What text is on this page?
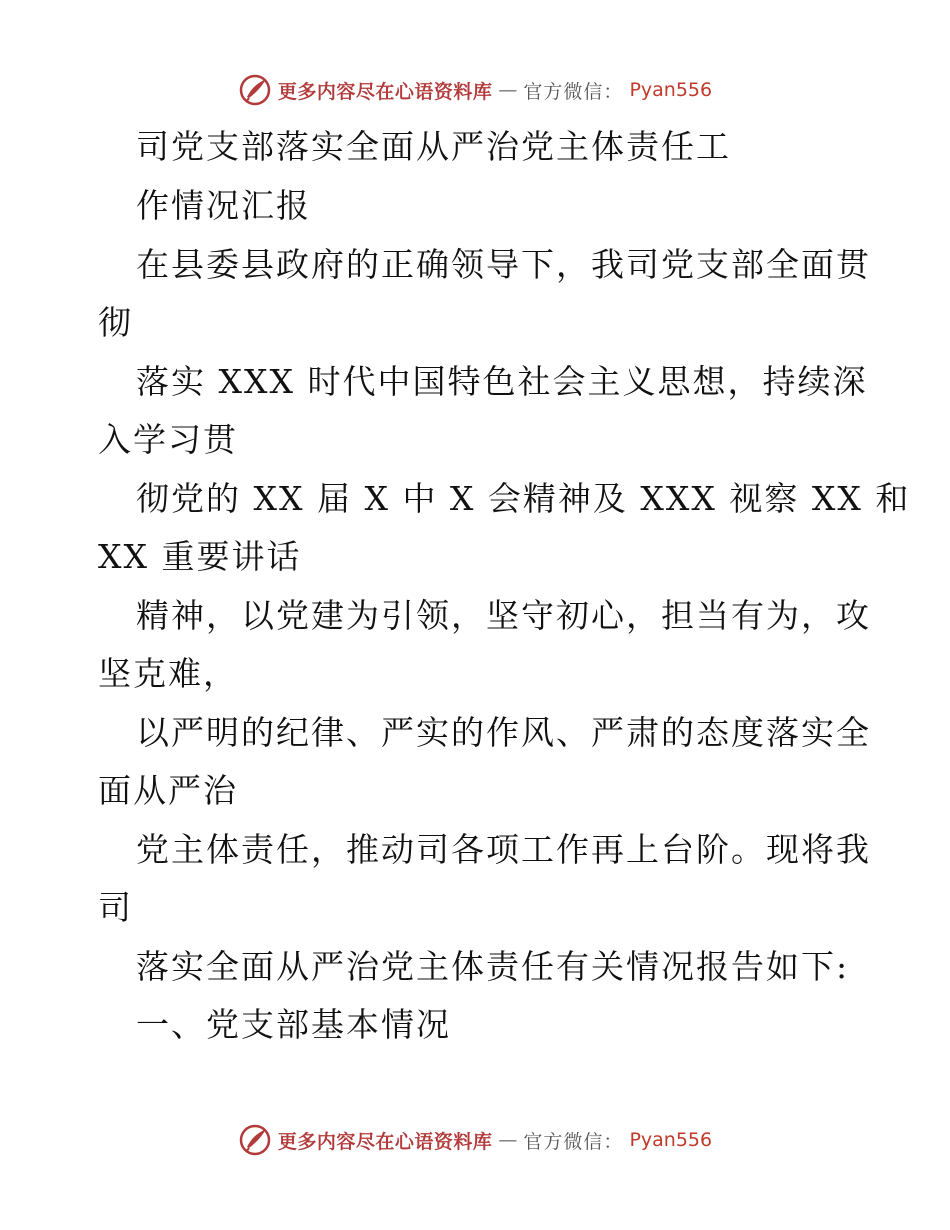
更多内容尽在心语资料库 — 官方微信： Pyan556
司党支部落实全面从严治党主体责任工
作情况汇报
在县委县政府的正确领导下，我司党支部全面贯
彻
落实 XXX 时代中国特色社会主义思想，持续深
入学习贯
彻党的 XX 届 X 中 X 会精神及 XXX 视察 XX 和
XX 重要讲话
精神，以党建为引领，坚守初心，担当有为，攻
坚克难，
以严明的纪律、严实的作风、严肃的态度落实全
面从严治
党主体责任，推动司各项工作再上台阶。现将我
司
落实全面从严治党主体责任有关情况报告如下:
一、党支部基本情况
更多内容尽在心语资料库 — 官方微信： Pyan556
